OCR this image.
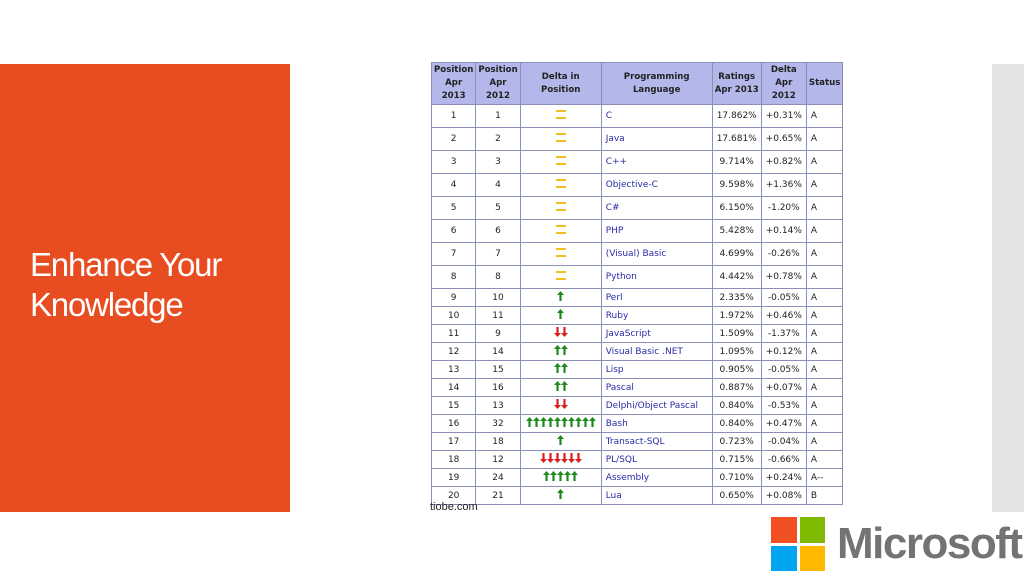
Enhance Your
Knowledge
Position Apr 2013	Position Apr 2012	Delta in Position	Programming Language	Ratings Apr 2013	Delta Apr 2012	Status
1	1		C	17.862%	+0.31%	A
2	2		Java	17.681%	+0.65%	A
3	3		C++	9.714%	+0.82%	A
4	4		Objective-C	9.598%	+1.36%	A
5	5		C#	6.150%	-1.20%	A
6	6		PHP	5.428%	+0.14%	A
7	7		(Visual) Basic	4.699%	-0.26%	A
8	8		Python	4.442%	+0.78%	A
9	10		Perl	2.335%	-0.05%	A
10	11		Ruby	1.972%	+0.46%	A
11	9		JavaScript	1.509%	-1.37%	A
12	14		Visual Basic .NET	1.095%	+0.12%	A
13	15		Lisp	0.905%	-0.05%	A
14	16		Pascal	0.887%	+0.07%	A
15	13		Delphi/Object Pascal	0.840%	-0.53%	A
16	32		Bash	0.840%	+0.47%	A
17	18		Transact-SQL	0.723%	-0.04%	A
18	12		PL/SQL	0.715%	-0.66%	A
19	24		Assembly	0.710%	+0.24%	A--
20	21		Lua	0.650%	+0.08%	B
tiobe.com
Microsoft
